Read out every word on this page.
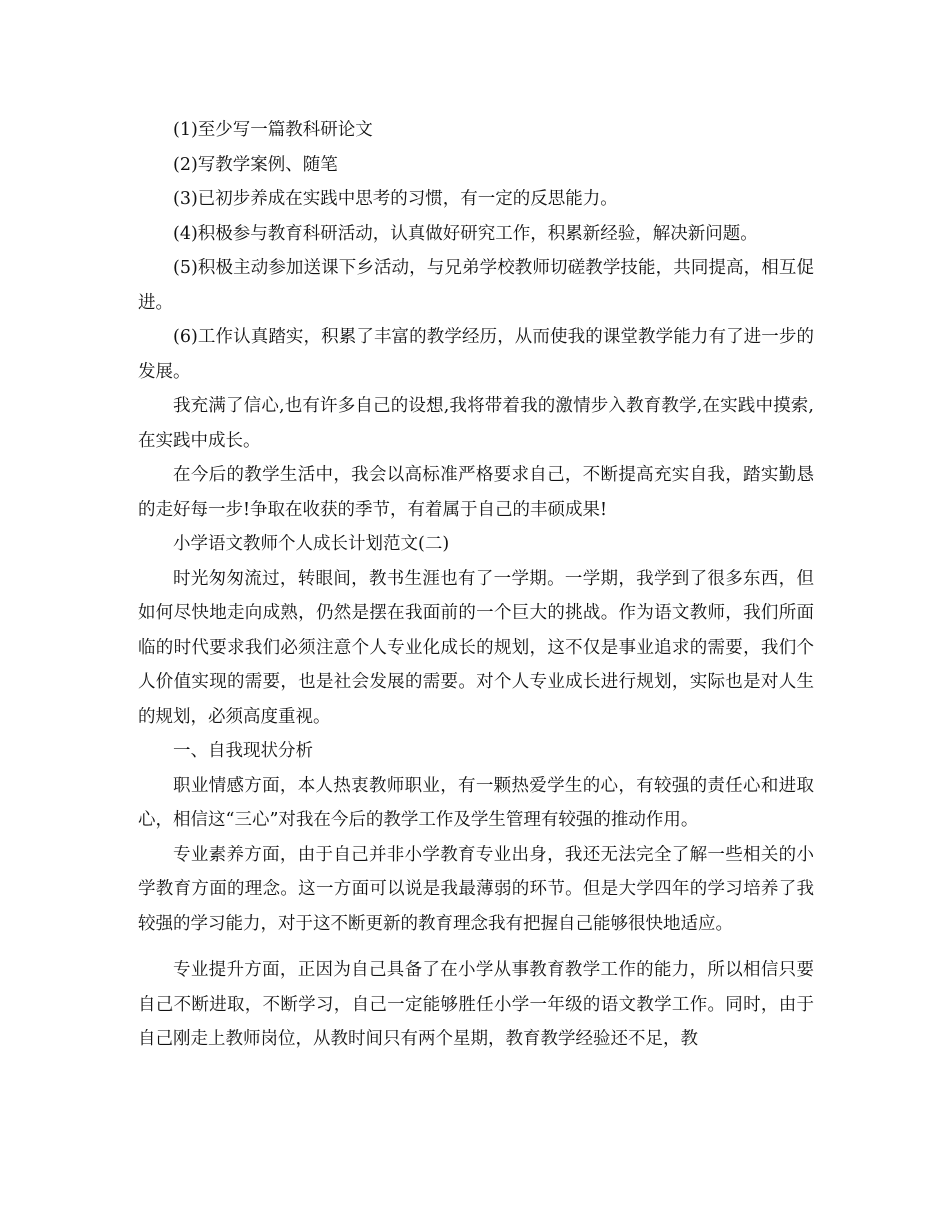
(1)至少写一篇教科研论文

(2)写教学案例、随笔

(3)已初步养成在实践中思考的习惯，有一定的反思能力。

(4)积极参与教育科研活动，认真做好研究工作，积累新经验，解决新问题。

(5)积极主动参加送课下乡活动，与兄弟学校教师切磋教学技能，共同提高，相互促进。

(6)工作认真踏实，积累了丰富的教学经历，从而使我的课堂教学能力有了进一步的发展。

我充满了信心,也有许多自己的设想,我将带着我的激情步入教育教学,在实践中摸索,在实践中成长。

在今后的教学生活中，我会以高标准严格要求自己，不断提高充实自我，踏实勤恳的走好每一步!争取在收获的季节，有着属于自己的丰硕成果!

小学语文教师个人成长计划范文(二)

时光匆匆流过，转眼间，教书生涯也有了一学期。一学期，我学到了很多东西，但如何尽快地走向成熟，仍然是摆在我面前的一个巨大的挑战。作为语文教师，我们所面临的时代要求我们必须注意个人专业化成长的规划，这不仅是事业追求的需要，我们个人价值实现的需要，也是社会发展的需要。对个人专业成长进行规划，实际也是对人生的规划，必须高度重视。

一、自我现状分析

职业情感方面，本人热衷教师职业，有一颗热爱学生的心，有较强的责任心和进取心，相信这“三心”对我在今后的教学工作及学生管理有较强的推动作用。

专业素养方面，由于自己并非小学教育专业出身，我还无法完全了解一些相关的小学教育方面的理念。这一方面可以说是我最薄弱的环节。但是大学四年的学习培养了我较强的学习能力，对于这不断更新的教育理念我有把握自己能够很快地适应。

专业提升方面，正因为自己具备了在小学从事教育教学工作的能力，所以相信只要自己不断进取，不断学习，自己一定能够胜任小学一年级的语文教学工作。同时，由于自己刚走上教师岗位，从教时间只有两个星期，教育教学经验还不足，教
